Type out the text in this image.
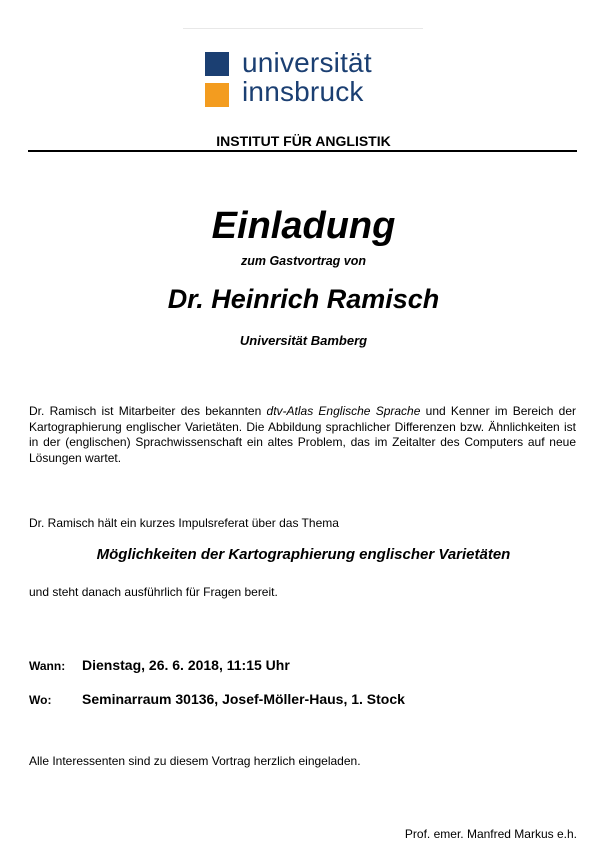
universität
innsbruck
INSTITUT FÜR ANGLISTIK
Einladung
zum Gastvortrag von
Dr. Heinrich Ramisch
Universität Bamberg
Dr. Ramisch ist Mitarbeiter des bekannten dtv-Atlas Englische Sprache und Kenner im Bereich der Kartographierung englischer Varietäten. Die Abbildung sprachlicher Differenzen bzw. Ähnlichkeiten ist in der (englischen) Sprachwissenschaft ein altes Problem, das im Zeitalter des Computers auf neue Lösungen wartet.
Dr. Ramisch hält ein kurzes Impulsreferat über das Thema
Möglichkeiten der Kartographierung englischer Varietäten
und steht danach ausführlich für Fragen bereit.
Wann: Dienstag, 26. 6. 2018, 11:15 Uhr
Wo: Seminarraum 30136, Josef-Möller-Haus, 1. Stock
Alle Interessenten sind zu diesem Vortrag herzlich eingeladen.
Prof. emer. Manfred Markus e.h.
